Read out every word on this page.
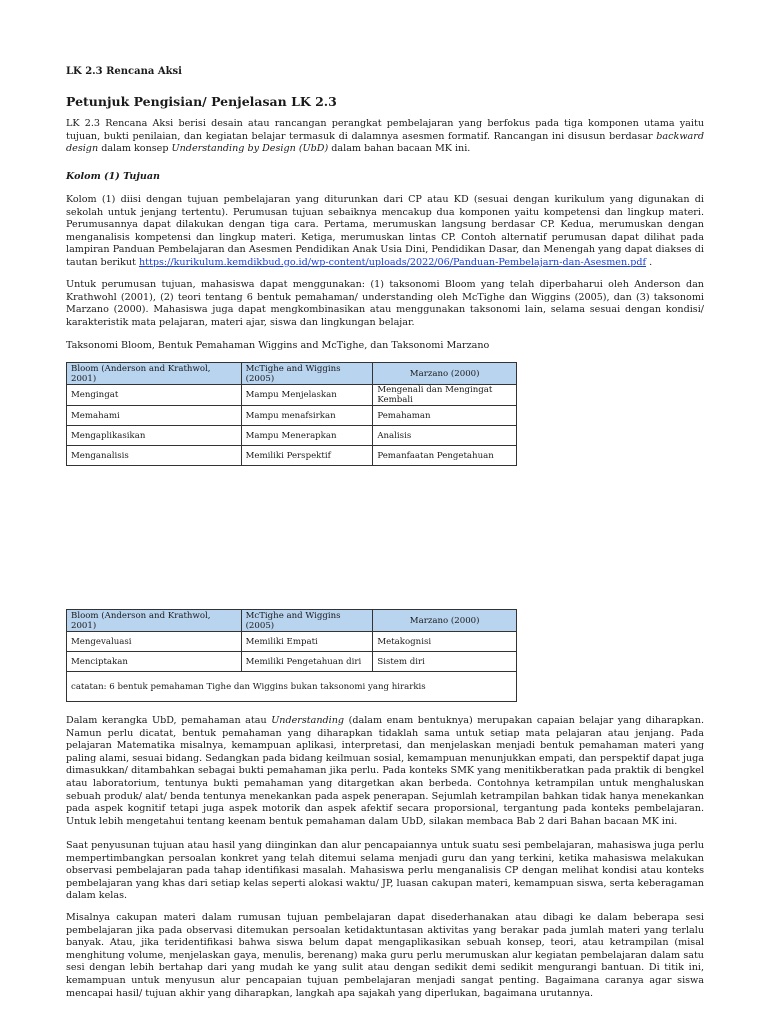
LK 2.3 Rencana Aksi
Petunjuk Pengisian/ Penjelasan LK 2.3

LK 2.3 Rencana Aksi berisi desain atau rancangan perangkat pembelajaran yang berfokus pada tiga komponen utama yaitu tujuan, bukti penilaian, dan kegiatan belajar termasuk di dalamnya asesmen formatif. Rancangan ini disusun berdasar backward design dalam konsep Understanding by Design (UbD) dalam bahan bacaan MK ini.

Kolom (1) Tujuan

Kolom (1) diisi dengan tujuan pembelajaran yang diturunkan dari CP atau KD (sesuai dengan kurikulum yang digunakan di sekolah untuk jenjang tertentu). Perumusan tujuan sebaiknya mencakup dua komponen yaitu kompetensi dan lingkup materi. Perumusannya dapat dilakukan dengan tiga cara. Pertama, merumuskan langsung berdasar CP. Kedua, merumuskan dengan menganalisis kompetensi dan lingkup materi. Ketiga, merumuskan lintas CP. Contoh alternatif perumusan dapat dilihat pada lampiran Panduan Pembelajaran dan Asesmen Pendidikan Anak Usia Dini, Pendidikan Dasar, dan Menengah yang dapat diakses di tautan berikut https://kurikulum.kemdikbud.go.id/wp-content/uploads/2022/06/Panduan-Pembelajarn-dan-Asesmen.pdf .

Untuk perumusan tujuan, mahasiswa dapat menggunakan: (1) taksonomi Bloom yang telah diperbaharui oleh Anderson dan Krathwohl (2001), (2) teori tentang 6 bentuk pemahaman/ understanding oleh McTighe dan Wiggins (2005), dan (3) taksonomi Marzano (2000). Mahasiswa juga dapat mengkombinasikan atau menggunakan taksonomi lain, selama sesuai dengan kondisi/ karakteristik mata pelajaran, materi ajar, siswa dan lingkungan belajar.

Taksonomi Bloom, Bentuk Pemahaman Wiggins and McTighe, dan Taksonomi Marzano
Bloom (Anderson and Krathwol, 2001)	McTighe and Wiggins (2005)	Marzano (2000)
Mengingat	Mampu Menjelaskan	Mengenali dan Mengingat Kembali
Memahami	Mampu menafsirkan	Pemahaman
Mengaplikasikan	Mampu Menerapkan	Analisis
Menganalisis	Memiliki Perspektif	Pemanfaatan Pengetahuan
Bloom (Anderson and Krathwol, 2001)	McTighe and Wiggins (2005)	Marzano (2000)
Mengevaluasi	Memiliki Empati	Metakognisi
Menciptakan	Memiliki Pengetahuan diri	Sistem diri
catatan: 6 bentuk pemahaman Tighe dan Wiggins bukan taksonomi yang hirarkis		

Dalam kerangka UbD, pemahaman atau Understanding (dalam enam bentuknya) merupakan capaian belajar yang diharapkan. Namun perlu dicatat, bentuk pemahaman yang diharapkan tidaklah sama untuk setiap mata pelajaran atau jenjang. Pada pelajaran Matematika misalnya, kemampuan aplikasi, interpretasi, dan menjelaskan menjadi bentuk pemahaman materi yang paling alami, sesuai bidang. Sedangkan pada bidang keilmuan sosial, kemampuan menunjukkan empati, dan perspektif dapat juga dimasukkan/ ditambahkan sebagai bukti pemahaman jika perlu. Pada konteks SMK yang menitikberatkan pada praktik di bengkel atau laboratorium, tentunya bukti pemahaman yang ditargetkan akan berbeda. Contohnya ketrampilan untuk menghaluskan sebuah produk/ alat/ benda tentunya menekankan pada aspek penerapan. Sejumlah ketrampilan bahkan tidak hanya menekankan pada aspek kognitif tetapi juga aspek motorik dan aspek afektif secara proporsional, tergantung pada konteks pembelajaran. Untuk lebih mengetahui tentang keenam bentuk pemahaman dalam UbD, silakan membaca Bab 2 dari Bahan bacaan MK ini.

Saat penyusunan tujuan atau hasil yang diinginkan dan alur pencapaiannya untuk suatu sesi pembelajaran, mahasiswa juga perlu mempertimbangkan persoalan konkret yang telah ditemui selama menjadi guru dan yang terkini, ketika mahasiswa melakukan observasi pembelajaran pada tahap identifikasi masalah. Mahasiswa perlu menganalisis CP dengan melihat kondisi atau konteks pembelajaran yang khas dari setiap kelas seperti alokasi waktu/ JP, luasan cakupan materi, kemampuan siswa, serta keberagaman dalam kelas.

Misalnya cakupan materi dalam rumusan tujuan pembelajaran dapat disederhanakan atau dibagi ke dalam beberapa sesi pembelajaran jika pada observasi ditemukan persoalan ketidaktuntasan aktivitas yang berakar pada jumlah materi yang terlalu banyak. Atau, jika teridentifikasi bahwa siswa belum dapat mengaplikasikan sebuah konsep, teori, atau ketrampilan (misal menghitung volume, menjelaskan gaya, menulis, berenang) maka guru perlu merumuskan alur kegiatan pembelajaran dalam satu sesi dengan lebih bertahap dari yang mudah ke yang sulit atau dengan sedikit demi sedikit mengurangi bantuan. Di titik ini, kemampuan untuk menyusun alur pencapaian tujuan pembelajaran menjadi sangat penting. Bagaimana caranya agar siswa mencapai hasil/ tujuan akhir yang diharapkan, langkah apa sajakah yang diperlukan, bagaimana urutannya.
